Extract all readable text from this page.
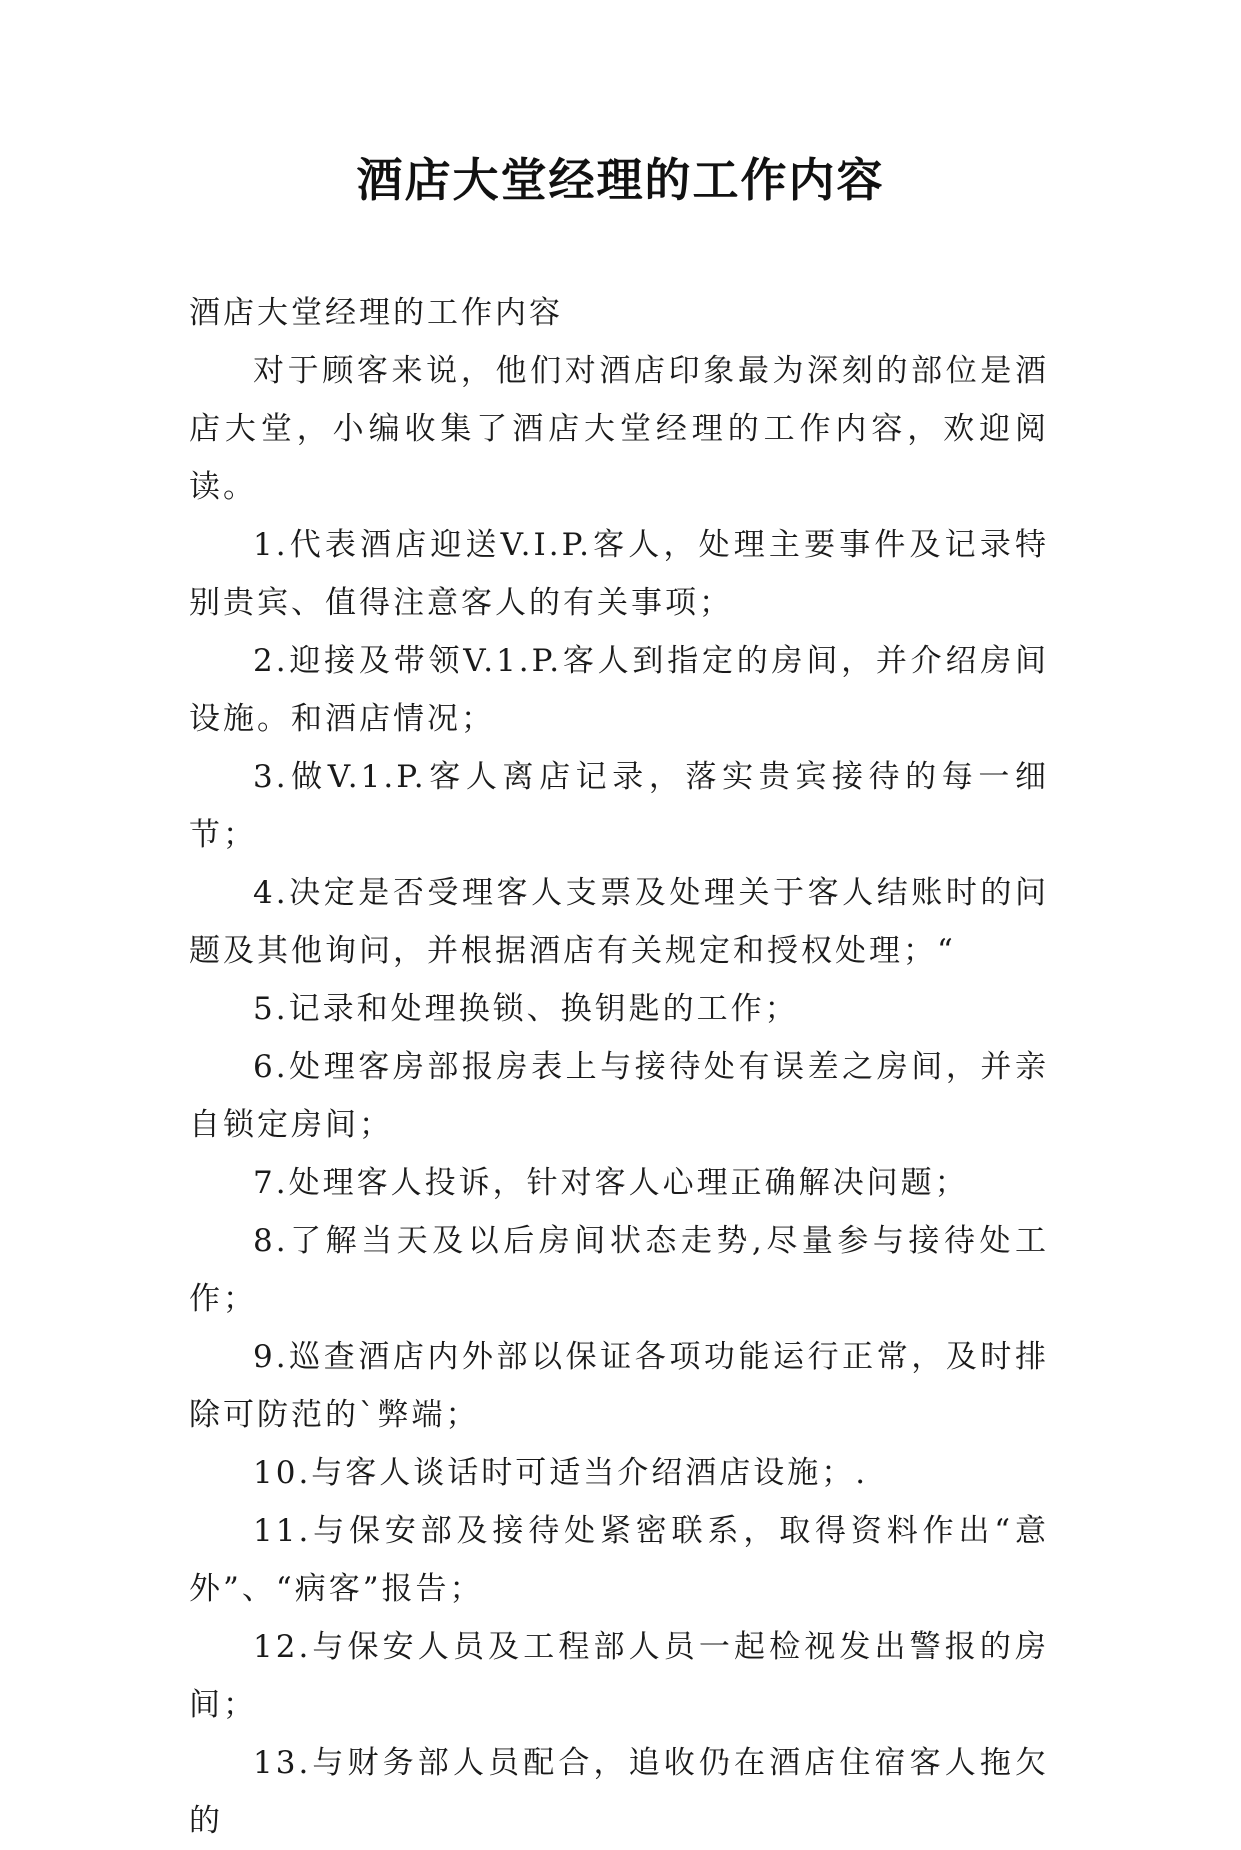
酒店大堂经理的工作内容

酒店大堂经理的工作内容

对于顾客来说，他们对酒店印象最为深刻的部位是酒店大堂，小编收集了酒店大堂经理的工作内容，欢迎阅读。

1.代表酒店迎送V.I.P.客人，处理主要事件及记录特别贵宾、值得注意客人的有关事项；

2.迎接及带领V.1.P.客人到指定的房间，并介绍房间设施。和酒店情况；

3.做V.1.P.客人离店记录，落实贵宾接待的每一细节；

4.决定是否受理客人支票及处理关于客人结账时的问题及其他询问，并根据酒店有关规定和授权处理；“

5.记录和处理换锁、换钥匙的工作；

6.处理客房部报房表上与接待处有误差之房间，并亲自锁定房间；

7.处理客人投诉，针对客人心理正确解决问题；

8.了解当天及以后房间状态走势,尽量参与接待处工作；

9.巡查酒店内外部以保证各项功能运行正常，及时排除可防范的`弊端；

10.与客人谈话时可适当介绍酒店设施；.

11.与保安部及接待处紧密联系，取得资料作出“意外”、“病客”报告；

12.与保安人员及工程部人员一起检视发出警报的房间；

13.与财务部人员配合，追收仍在酒店住宿客人拖欠的
